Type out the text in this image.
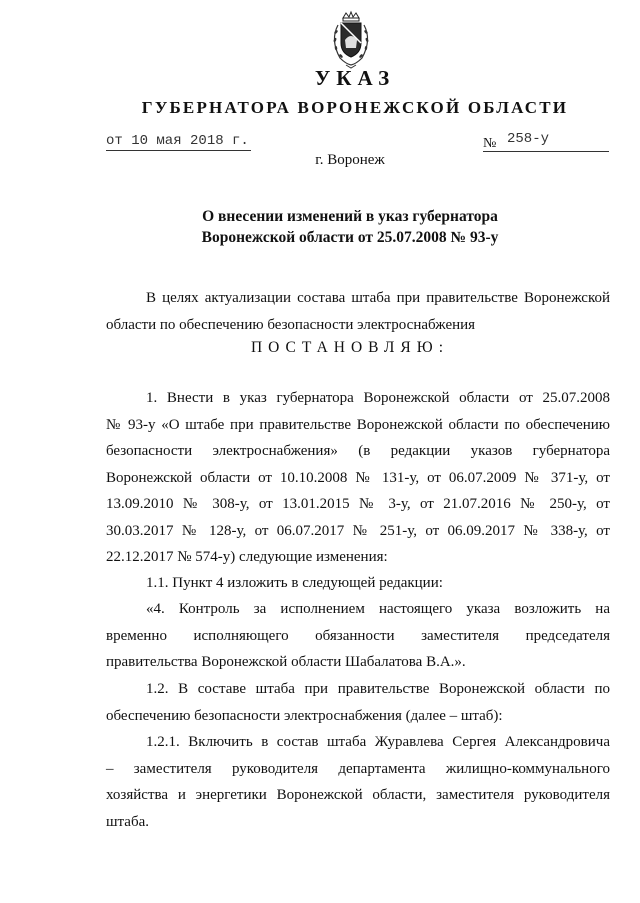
УКАЗ
ГУБЕРНАТОРА ВОРОНЕЖСКОЙ ОБЛАСТИ
от 10 мая 2018 г.	№ 258-у
г. Воронеж
О внесении изменений в указ губернатора
Воронежской области от 25.07.2008 № 93-у
В целях актуализации состава штаба при правительстве Воронежской
области по обеспечению безопасности электроснабжения
ПОСТАНОВЛЯЮ:
1. Внести в указ губернатора Воронежской области от 25.07.2008
№ 93-у «О штабе при правительстве Воронежской области по обеспечению
безопасности электроснабжения» (в редакции указов губернатора
Воронежской области от 10.10.2008 № 131-у, от 06.07.2009 № 371-у, от
13.09.2010 № 308-у, от 13.01.2015 № 3-у, от 21.07.2016 № 250-у, от
30.03.2017 № 128-у, от 06.07.2017 № 251-у, от 06.09.2017 № 338-у, от
22.12.2017 № 574-у) следующие изменения:
1.1. Пункт 4 изложить в следующей редакции:
«4. Контроль за исполнением настоящего указа возложить на
временно исполняющего обязанности заместителя председателя
правительства Воронежской области Шабалатова В.А.».
1.2. В составе штаба при правительстве Воронежской области по
обеспечению безопасности электроснабжения (далее – штаб):
1.2.1. Включить в состав штаба Журавлева Сергея Александровича
– заместителя руководителя департамента жилищно-коммунального
хозяйства и энергетики Воронежской области, заместителя руководителя
штаба.
